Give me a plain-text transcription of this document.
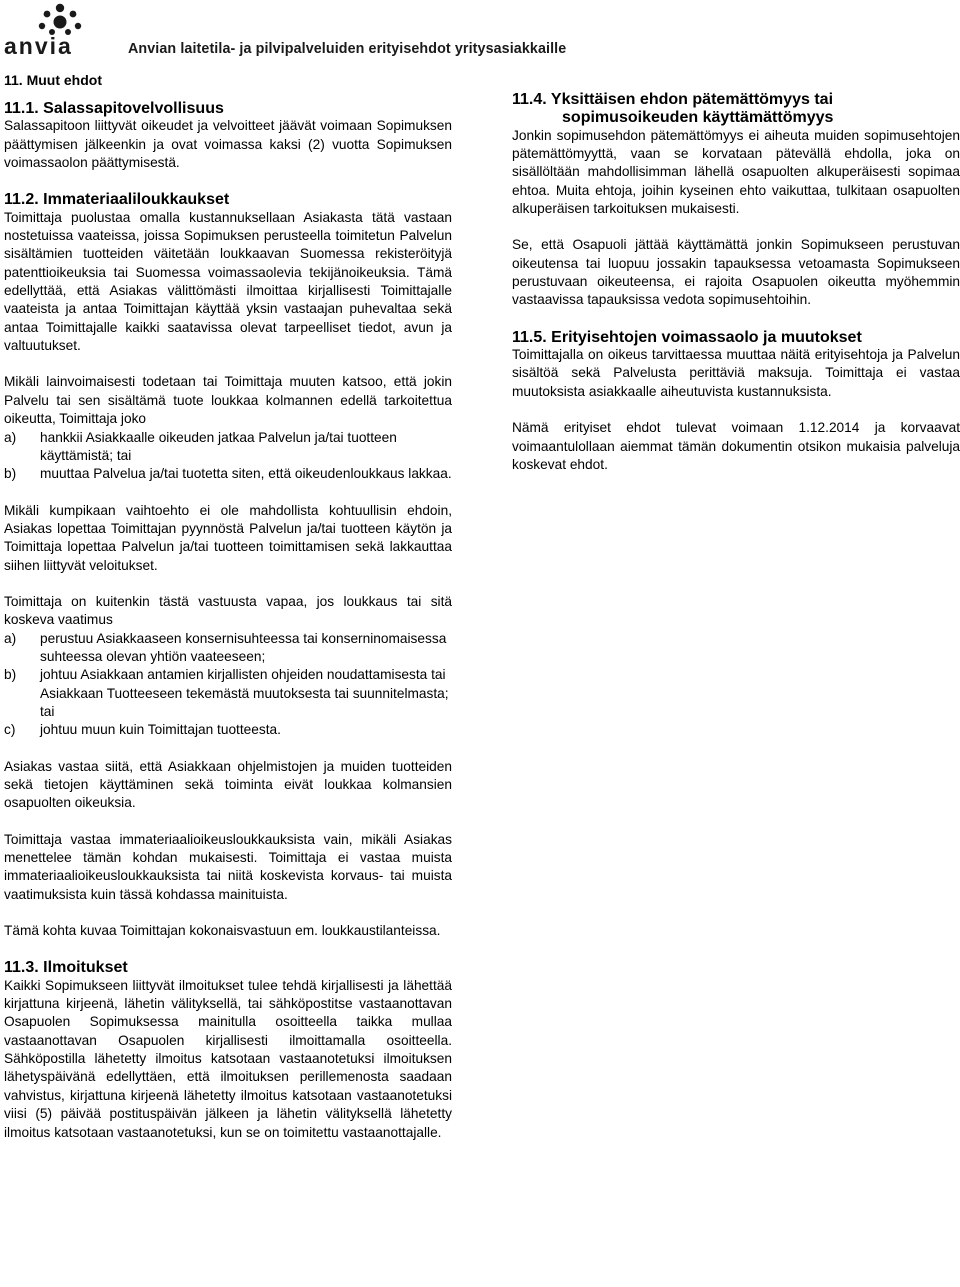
anvia	Anvian laitetila- ja pilvipalveluiden erityisehdot yritysasiakkaille
11. Muut ehdot
11.1. Salassapitovelvollisuus

Salassapitoon liittyvät oikeudet ja velvoitteet jäävät voimaan Sopimuksen päättymisen jälkeenkin ja ovat voimassa kaksi (2) vuotta Sopimuksen voimassaolon päättymisestä.

11.2. Immateriaaliloukkaukset

Toimittaja puolustaa omalla kustannuksellaan Asiakasta tätä vastaan nostetuissa vaateissa, joissa Sopimuksen perusteella toimitetun Palvelun sisältämien tuotteiden väitetään loukkaavan Suomessa rekisteröityjä patenttioikeuksia tai Suomessa voimassaolevia tekijänoikeuksia. Tämä edellyttää, että Asiakas välittömästi ilmoittaa kirjallisesti Toimittajalle vaateista ja antaa Toimittajan käyttää yksin vastaajan puhevaltaa sekä antaa Toimittajalle kaikki saatavissa olevat tarpeelliset tiedot, avun ja valtuutukset.

Mikäli lainvoimaisesti todetaan tai Toimittaja muuten katsoo, että jokin Palvelu tai sen sisältämä tuote loukkaa kolmannen edellä tarkoitettua oikeutta, Toimittaja joko

a)	hankkii Asiakkaalle oikeuden jatkaa Palvelun ja/tai tuotteen käyttämistä; tai
b)	muuttaa Palvelua ja/tai tuotetta siten, että oikeudenloukkaus lakkaa.

Mikäli kumpikaan vaihtoehto ei ole mahdollista kohtuullisin ehdoin, Asiakas lopettaa Toimittajan pyynnöstä Palvelun ja/tai tuotteen käytön ja Toimittaja lopettaa Palvelun ja/tai tuotteen toimittamisen sekä lakkauttaa siihen liittyvät veloitukset.

Toimittaja on kuitenkin tästä vastuusta vapaa, jos loukkaus tai sitä koskeva vaatimus

a)	perustuu Asiakkaaseen konsernisuhteessa tai konserninomaisessa suhteessa olevan yhtiön vaateeseen;
b)	johtuu Asiakkaan antamien kirjallisten ohjeiden noudattamisesta tai Asiakkaan Tuotteeseen tekemästä muutoksesta tai suunnitelmasta; tai
c)	johtuu muun kuin Toimittajan tuotteesta.

Asiakas vastaa siitä, että Asiakkaan ohjelmistojen ja muiden tuotteiden sekä tietojen käyttäminen sekä toiminta eivät loukkaa kolmansien osapuolten oikeuksia.

Toimittaja vastaa immateriaalioikeusloukkauksista vain, mikäli Asiakas menettelee tämän kohdan mukaisesti. Toimittaja ei vastaa muista immateriaalioikeusloukkauksista tai niitä koskevista korvaus- tai muista vaatimuksista kuin tässä kohdassa mainituista.

Tämä kohta kuvaa Toimittajan kokonaisvastuun em. loukkaustilanteissa.

11.3. Ilmoitukset

Kaikki Sopimukseen liittyvät ilmoitukset tulee tehdä kirjallisesti ja lähettää kirjattuna kirjeenä, lähetin välityksellä, tai sähköpostitse vastaanottavan Osapuolen Sopimuksessa mainitulla osoitteella taikka mullaa vastaanottavan Osapuolen kirjallisesti ilmoittamalla osoitteella. Sähköpostilla lähetetty ilmoitus katsotaan vastaanotetuksi ilmoituksen lähetyspäivänä edellyttäen, että ilmoituksen perillemenosta saadaan vahvistus, kirjattuna kirjeenä lähetetty ilmoitus katsotaan vastaanotetuksi viisi (5) päivää postituspäivän jälkeen ja lähetin välityksellä lähetetty ilmoitus katsotaan vastaanotetuksi, kun se on toimitettu vastaanottajalle.

11.4. Yksittäisen ehdon pätemättömyys tai
sopimusoikeuden käyttämättömyys

Jonkin sopimusehdon pätemättömyys ei aiheuta muiden sopimusehtojen pätemättömyyttä, vaan se korvataan pätevällä ehdolla, joka on sisällöltään mahdollisimman lähellä osapuolten alkuperäisesti sopimaa ehtoa. Muita ehtoja, joihin kyseinen ehto vaikuttaa, tulkitaan osapuolten alkuperäisen tarkoituksen mukaisesti.

Se, että Osapuoli jättää käyttämättä jonkin Sopimukseen perustuvan oikeutensa tai luopuu jossakin tapauksessa vetoamasta Sopimukseen perustuvaan oikeuteensa, ei rajoita Osapuolen oikeutta myöhemmin vastaavissa tapauksissa vedota sopimusehtoihin.

11.5. Erityisehtojen voimassaolo ja muutokset

Toimittajalla on oikeus tarvittaessa muuttaa näitä erityisehtoja ja Palvelun sisältöä sekä Palvelusta perittäviä maksuja. Toimittaja ei vastaa muutoksista asiakkaalle aiheutuvista kustannuksista.

Nämä erityiset ehdot tulevat voimaan 1.12.2014 ja korvaavat voimaantulollaan aiemmat tämän dokumentin otsikon mukaisia palveluja koskevat ehdot.
